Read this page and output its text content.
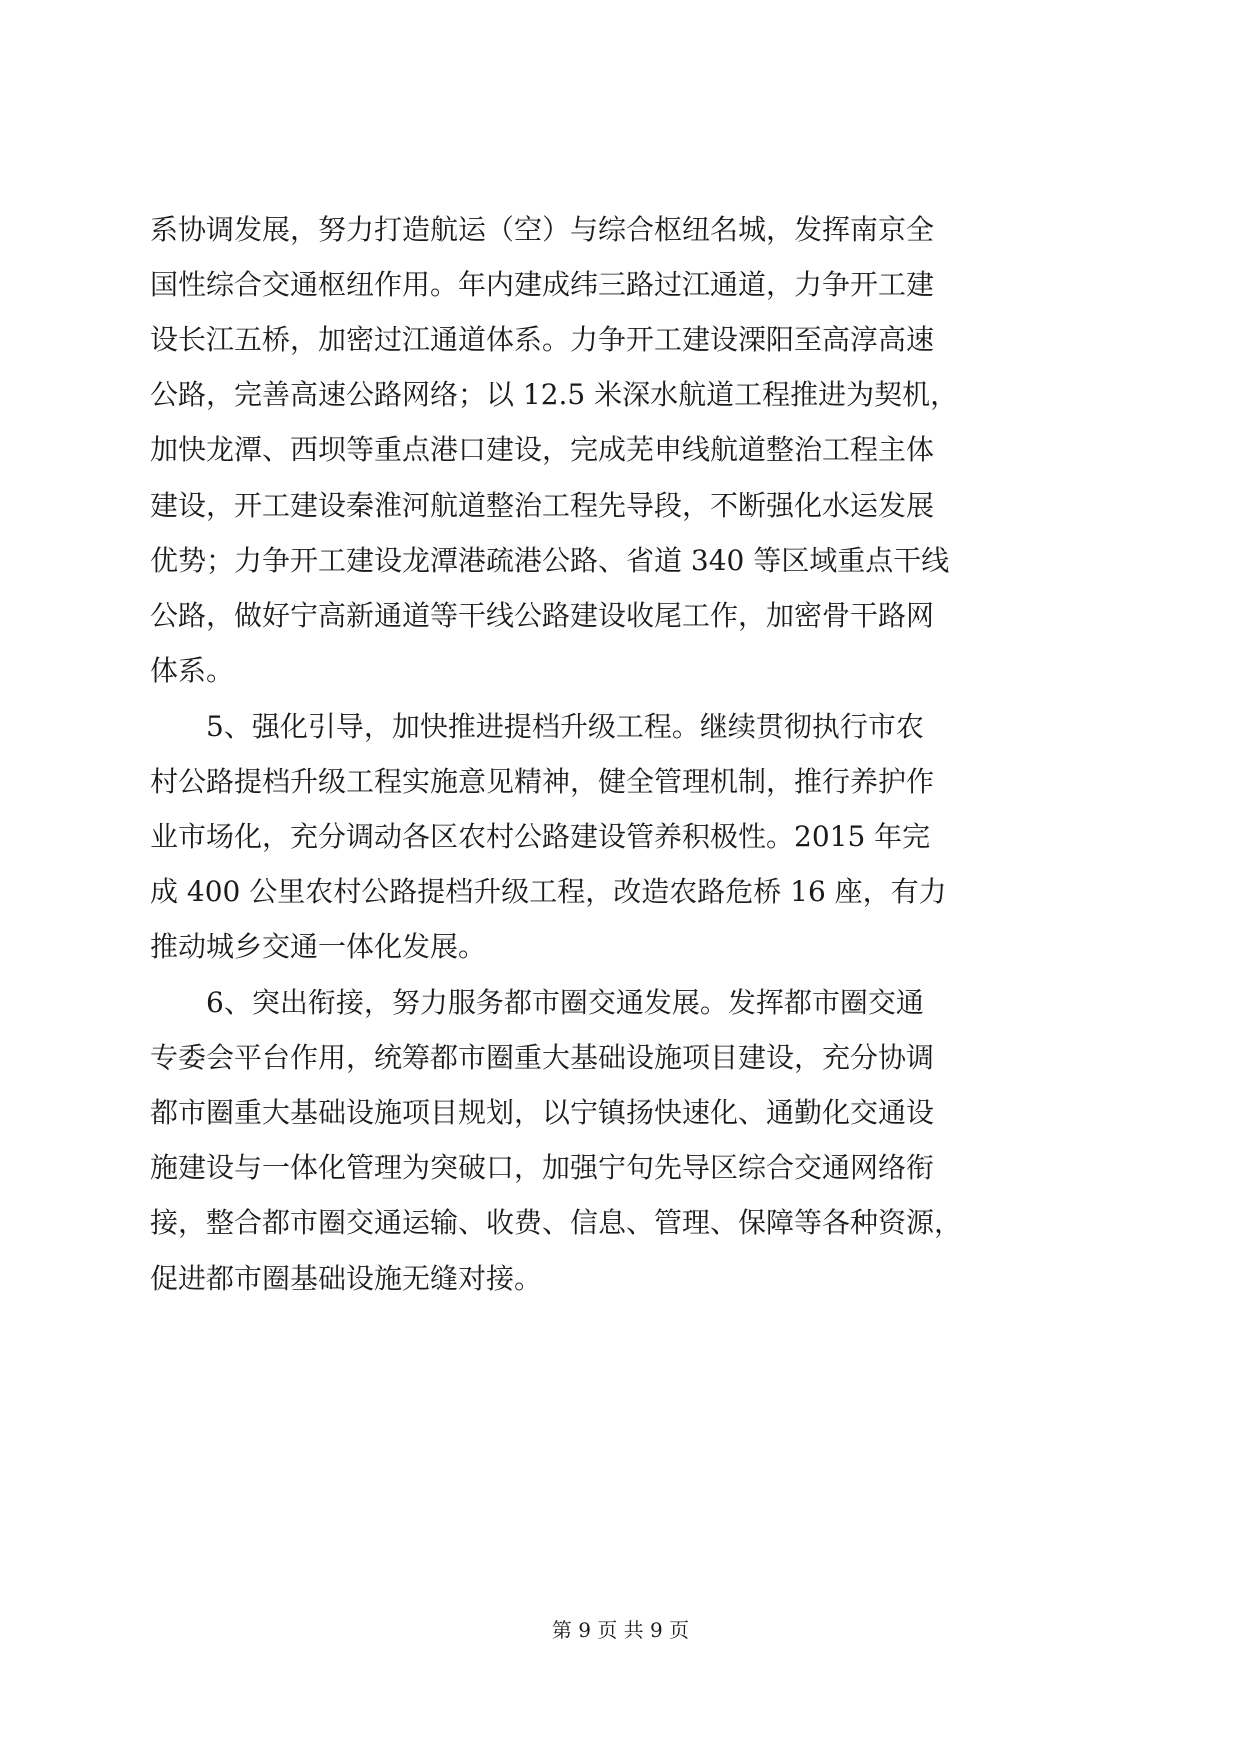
系协调发展，努力打造航运（空）与综合枢纽名城，发挥南京全
国性综合交通枢纽作用。年内建成纬三路过江通道，力争开工建
设长江五桥，加密过江通道体系。力争开工建设溧阳至高淳高速
公路，完善高速公路网络；以 12.5 米深水航道工程推进为契机，
加快龙潭、西坝等重点港口建设，完成芜申线航道整治工程主体
建设，开工建设秦淮河航道整治工程先导段，不断强化水运发展
优势；力争开工建设龙潭港疏港公路、省道 340 等区域重点干线
公路，做好宁高新通道等干线公路建设收尾工作，加密骨干路网
体系。
　　5、强化引导，加快推进提档升级工程。继续贯彻执行市农
村公路提档升级工程实施意见精神，健全管理机制，推行养护作
业市场化，充分调动各区农村公路建设管养积极性。2015 年完
成 400 公里农村公路提档升级工程，改造农路危桥 16 座，有力
推动城乡交通一体化发展。
　　6、突出衔接，努力服务都市圈交通发展。发挥都市圈交通
专委会平台作用，统筹都市圈重大基础设施项目建设，充分协调
都市圈重大基础设施项目规划，以宁镇扬快速化、通勤化交通设
施建设与一体化管理为突破口，加强宁句先导区综合交通网络衔
接，整合都市圈交通运输、收费、信息、管理、保障等各种资源，
促进都市圈基础设施无缝对接。
第 9 页 共 9 页
